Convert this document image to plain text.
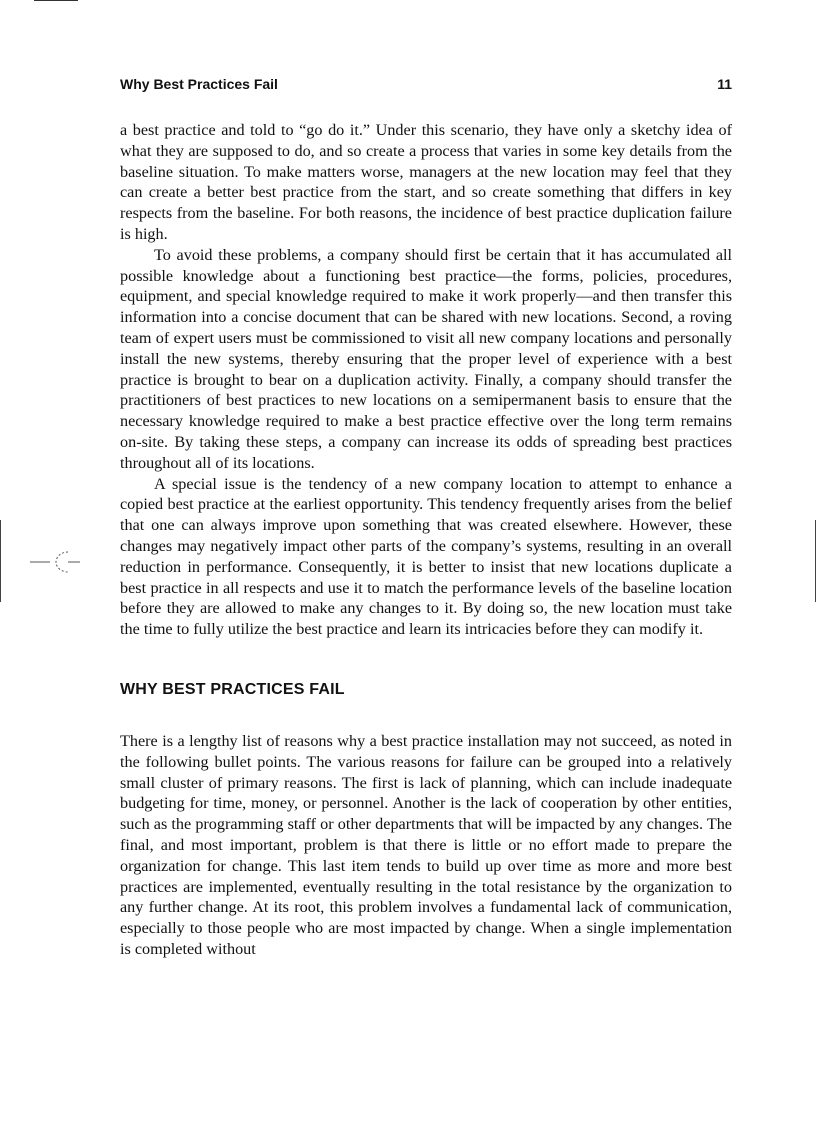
Why Best Practices Fail	11

a best practice and told to “go do it.” Under this scenario, they have only a sketchy idea of what they are supposed to do, and so create a process that varies in some key details from the baseline situation. To make matters worse, managers at the new location may feel that they can create a better best practice from the start, and so create something that differs in key respects from the baseline. For both reasons, the incidence of best practice duplication failure is high.

To avoid these problems, a company should first be certain that it has accumulated all possible knowledge about a functioning best practice—the forms, policies, procedures, equipment, and special knowledge required to make it work properly—and then transfer this information into a concise document that can be shared with new locations. Second, a roving team of expert users must be commissioned to visit all new company locations and personally install the new systems, thereby ensuring that the proper level of experience with a best practice is brought to bear on a duplication activity. Finally, a company should transfer the practitioners of best practices to new locations on a semipermanent basis to ensure that the necessary knowledge required to make a best practice effective over the long term remains on-site. By taking these steps, a company can increase its odds of spreading best practices throughout all of its locations.

A special issue is the tendency of a new company location to attempt to enhance a copied best practice at the earliest opportunity. This tendency frequently arises from the belief that one can always improve upon something that was created elsewhere. However, these changes may negatively impact other parts of the company’s systems, resulting in an overall reduction in performance. Consequently, it is better to insist that new locations duplicate a best practice in all respects and use it to match the performance levels of the baseline location before they are allowed to make any changes to it. By doing so, the new location must take the time to fully utilize the best practice and learn its intricacies before they can modify it.

WHY BEST PRACTICES FAIL

There is a lengthy list of reasons why a best practice installation may not succeed, as noted in the following bullet points. The various reasons for failure can be grouped into a relatively small cluster of primary reasons. The first is lack of planning, which can include inadequate budgeting for time, money, or personnel. Another is the lack of cooperation by other entities, such as the programming staff or other departments that will be impacted by any changes. The final, and most important, problem is that there is little or no effort made to prepare the organization for change. This last item tends to build up over time as more and more best practices are implemented, eventually resulting in the total resistance by the organization to any further change. At its root, this problem involves a fundamental lack of communication, especially to those people who are most impacted by change. When a single implementation is completed without
